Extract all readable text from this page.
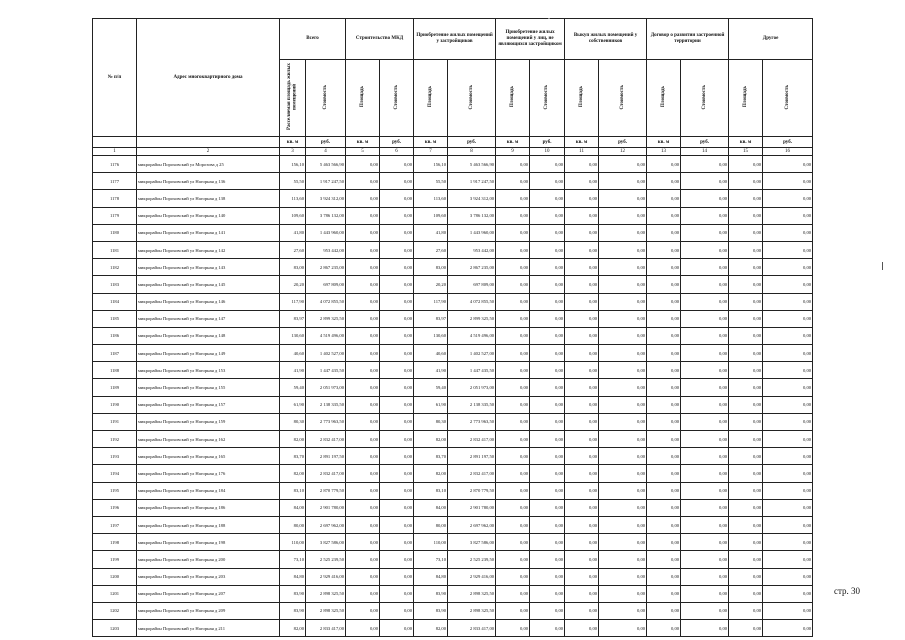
№ п/п	Адрес многоквартирного дома	Всего		Строительство МКД		Приобретение жилых помещений у застройщиков		Приобретение жилых помещений у лиц, не являющихся застройщиком		Выкуп жилых помещений у собственников		Договор о развитии застроенной территории		Другое	
		Расселяемая площадь жилых помещений	Стоимость	Площадь	Стоимость	Площадь	Стоимость	Площадь	Стоимость	Площадь	Стоимость	Площадь	Стоимость	Площадь	Стоимость
		кв. м	руб.	кв. м	руб.	кв. м	руб.	кв. м	руб.	кв. м	руб.	кв. м	руб.	кв. м	руб.
1	2	3	4	5	6	7	8	9	10	11	12	13	14	15	16
1176	микрорайон Пороховский ул Морозова д 25	156,10	5 463 566,90	0,00	0,00	156,10	5 463 566,90	0,00	0,00	0,00	0,00	0,00	0,00	0,00	0,00
1177	микрорайон Пороховский ул Нагорная д 136	55,50	1 917 247,50	0,00	0,00	55,50	1 917 247,50	0,00	0,00	0,00	0,00	0,00	0,00	0,00	0,00
1178	микрорайон Пороховский ул Нагорная д 138	113,60	3 924 312,00	0,00	0,00	113,60	3 924 312,00	0,00	0,00	0,00	0,00	0,00	0,00	0,00	0,00
1179	микрорайон Пороховский ул Нагорная д 140	109,60	3 786 132,00	0,00	0,00	109,60	3 786 132,00	0,00	0,00	0,00	0,00	0,00	0,00	0,00	0,00
1180	микрорайон Пороховский ул Нагорная д 141	41,80	1 443 960,00	0,00	0,00	41,80	1 443 960,00	0,00	0,00	0,00	0,00	0,00	0,00	0,00	0,00
1181	микрорайон Пороховский ул Нагорная д 142	27,60	953 442,00	0,00	0,00	27,60	953 442,00	0,00	0,00	0,00	0,00	0,00	0,00	0,00	0,00
1182	микрорайон Пороховский ул Нагорная д 143	83,00	2 867 235,00	0,00	0,00	83,00	2 867 235,00	0,00	0,00	0,00	0,00	0,00	0,00	0,00	0,00
1183	микрорайон Пороховский ул Нагорная д 145	20,20	697 809,00	0,00	0,00	20,20	697 809,00	0,00	0,00	0,00	0,00	0,00	0,00	0,00	0,00
1184	микрорайон Пороховский ул Нагорная д 146	117,90	4 072 855,50	0,00	0,00	117,90	4 072 855,50	0,00	0,00	0,00	0,00	0,00	0,00	0,00	0,00
1185	микрорайон Пороховский ул Нагорная д 147	83,97	2 899 325,50	0,00	0,00	83,97	2 899 325,50	0,00	0,00	0,00	0,00	0,00	0,00	0,00	0,00
1186	микрорайон Пороховский ул Нагорная д 148	130,60	4 519 496,00	0,00	0,00	130,60	4 519 496,00	0,00	0,00	0,00	0,00	0,00	0,00	0,00	0,00
1187	микрорайон Пороховский ул Нагорная д 149	40,60	1 402 527,00	0,00	0,00	40,60	1 402 527,00	0,00	0,00	0,00	0,00	0,00	0,00	0,00	0,00
1188	микрорайон Пороховский ул Нагорная д 153	41,90	1 447 435,50	0,00	0,00	41,90	1 447 435,50	0,00	0,00	0,00	0,00	0,00	0,00	0,00	0,00
1189	микрорайон Пороховский ул Нагорная д 155	59,40	2 051 973,00	0,00	0,00	59,40	2 051 973,00	0,00	0,00	0,00	0,00	0,00	0,00	0,00	0,00
1190	микрорайон Пороховский ул Нагорная д 157	61,90	2 138 335,50	0,00	0,00	61,90	2 138 335,50	0,00	0,00	0,00	0,00	0,00	0,00	0,00	0,00
1191	микрорайон Пороховский ул Нагорная д 159	80,30	2 773 963,50	0,00	0,00	80,30	2 773 963,50	0,00	0,00	0,00	0,00	0,00	0,00	0,00	0,00
1192	микрорайон Пороховский ул Нагорная д 162	82,00	2 832 417,00	0,00	0,00	82,00	2 832 417,00	0,00	0,00	0,00	0,00	0,00	0,00	0,00	0,00
1193	микрорайон Пороховский ул Нагорная д 165	83,70	2 891 197,50	0,00	0,00	83,70	2 891 197,50	0,00	0,00	0,00	0,00	0,00	0,00	0,00	0,00
1194	микрорайон Пороховский ул Нагорная д 176	82,00	2 832 417,00	0,00	0,00	82,00	2 832 417,00	0,00	0,00	0,00	0,00	0,00	0,00	0,00	0,00
1195	микрорайон Пороховский ул Нагорная д 184	83,10	2 870 779,50	0,00	0,00	83,10	2 870 779,50	0,00	0,00	0,00	0,00	0,00	0,00	0,00	0,00
1196	микрорайон Пороховский ул Нагорная д 186	84,00	2 901 780,00	0,00	0,00	84,00	2 901 780,00	0,00	0,00	0,00	0,00	0,00	0,00	0,00	0,00
1197	микрорайон Пороховский ул Нагорная д 188	80,00	2 697 962,00	0,00	0,00	80,00	2 697 962,00	0,00	0,00	0,00	0,00	0,00	0,00	0,00	0,00
1198	микрорайон Пороховский ул Нагорная д 198	110,00	3 827 586,00	0,00	0,00	110,00	3 827 586,00	0,00	0,00	0,00	0,00	0,00	0,00	0,00	0,00
1199	микрорайон Пороховский ул Нагорная д 200	73,10	2 525 239,50	0,00	0,00	73,10	2 525 239,50	0,00	0,00	0,00	0,00	0,00	0,00	0,00	0,00
1200	микрорайон Пороховский ул Нагорная д 203	84,80	2 929 416,00	0,00	0,00	84,80	2 929 416,00	0,00	0,00	0,00	0,00	0,00	0,00	0,00	0,00
1201	микрорайон Пороховский ул Нагорная д 207	83,90	2 898 325,50	0,00	0,00	83,90	2 898 325,50	0,00	0,00	0,00	0,00	0,00	0,00	0,00	0,00
1202	микрорайон Пороховский ул Нагорная д 209	83,90	2 898 325,50	0,00	0,00	83,90	2 898 325,50	0,00	0,00	0,00	0,00	0,00	0,00	0,00	0,00
1203	микрорайон Пороховский ул Нагорная д 211	82,00	2 833 417,00	0,00	0,00	82,00	2 833 417,00	0,00	0,00	0,00	0,00	0,00	0,00	0,00	0,00
стр. 30
